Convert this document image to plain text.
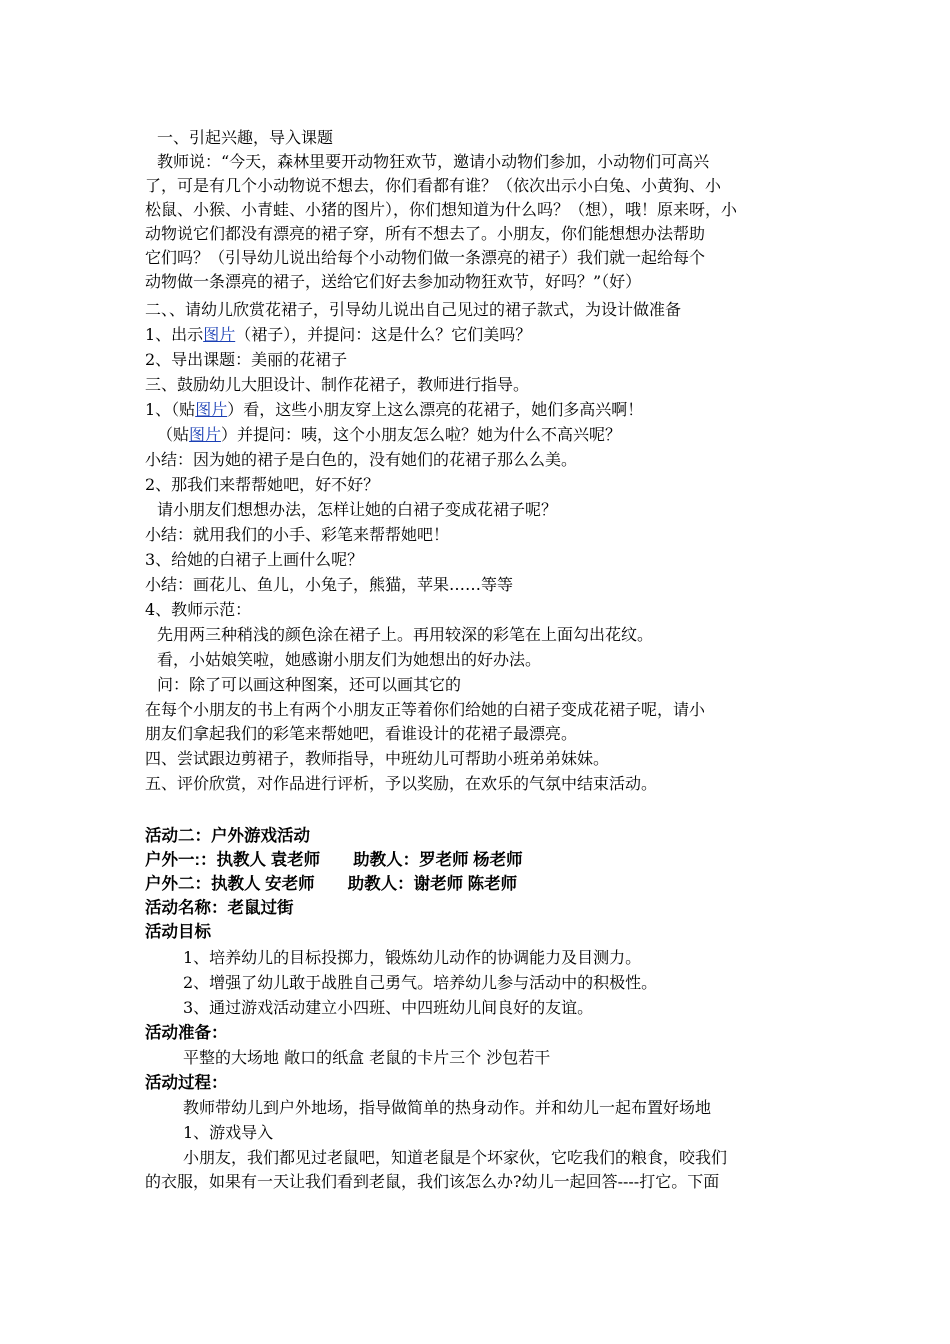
一、引起兴趣，导入课题
教师说：“今天，森林里要开动物狂欢节，邀请小动物们参加，小动物们可高兴
了，可是有几个小动物说不想去，你们看都有谁？（依次出示小白兔、小黄狗、小
松鼠、小猴、小青蛙、小猪的图片），你们想知道为什么吗？（想），哦！原来呀，小
动物说它们都没有漂亮的裙子穿，所有不想去了。小朋友，你们能想想办法帮助
它们吗？（引导幼儿说出给每个小动物们做一条漂亮的裙子）我们就一起给每个
动物做一条漂亮的裙子，送给它们好去参加动物狂欢节，好吗？”（好）
二、、请幼儿欣赏花裙子，引导幼儿说出自己见过的裙子款式，为设计做准备
1、出示图片（裙子），并提问：这是什么？它们美吗？
2、导出课题：美丽的花裙子
三、鼓励幼儿大胆设计、制作花裙子，教师进行指导。
1、（贴图片）看，这些小朋友穿上这么漂亮的花裙子，她们多高兴啊！
（贴图片）并提问：咦，这个小朋友怎么啦？她为什么不高兴呢？
小结：因为她的裙子是白色的，没有她们的花裙子那么么美。
2、那我们来帮帮她吧，好不好？
请小朋友们想想办法，怎样让她的白裙子变成花裙子呢？
小结：就用我们的小手、彩笔来帮帮她吧！
3、给她的白裙子上画什么呢？
小结：画花儿、鱼儿，小兔子，熊猫，苹果……等等
4、教师示范：
先用两三种稍浅的颜色涂在裙子上。再用较深的彩笔在上面勾出花纹。
看，小姑娘笑啦，她感谢小朋友们为她想出的好办法。
问：除了可以画这种图案，还可以画其它的
在每个小朋友的书上有两个小朋友正等着你们给她的白裙子变成花裙子呢，请小
朋友们拿起我们的彩笔来帮她吧，看谁设计的花裙子最漂亮。
四、尝试跟边剪裙子，教师指导，中班幼儿可帮助小班弟弟妹妹。
五、评价欣赏，对作品进行评析，予以奖励，在欢乐的气氛中结束活动。
活动二：户外游戏活动
户外一:：执教人 袁老师　　助教人：罗老师 杨老师
户外二：执教人 安老师　　助教人：谢老师 陈老师
活动名称：老鼠过街
活动目标
1、培养幼儿的目标投掷力，锻炼幼儿动作的协调能力及目测力。
2、增强了幼儿敢于战胜自己勇气。培养幼儿参与活动中的积极性。
3、通过游戏活动建立小四班、中四班幼儿间良好的友谊。
活动准备：
平整的大场地 敞口的纸盒 老鼠的卡片三个 沙包若干
活动过程：
教师带幼儿到户外地场，指导做简单的热身动作。并和幼儿一起布置好场地
1、游戏导入
小朋友，我们都见过老鼠吧，知道老鼠是个坏家伙，它吃我们的粮食，咬我们
的衣服，如果有一天让我们看到老鼠，我们该怎么办?幼儿一起回答----打它。下面
